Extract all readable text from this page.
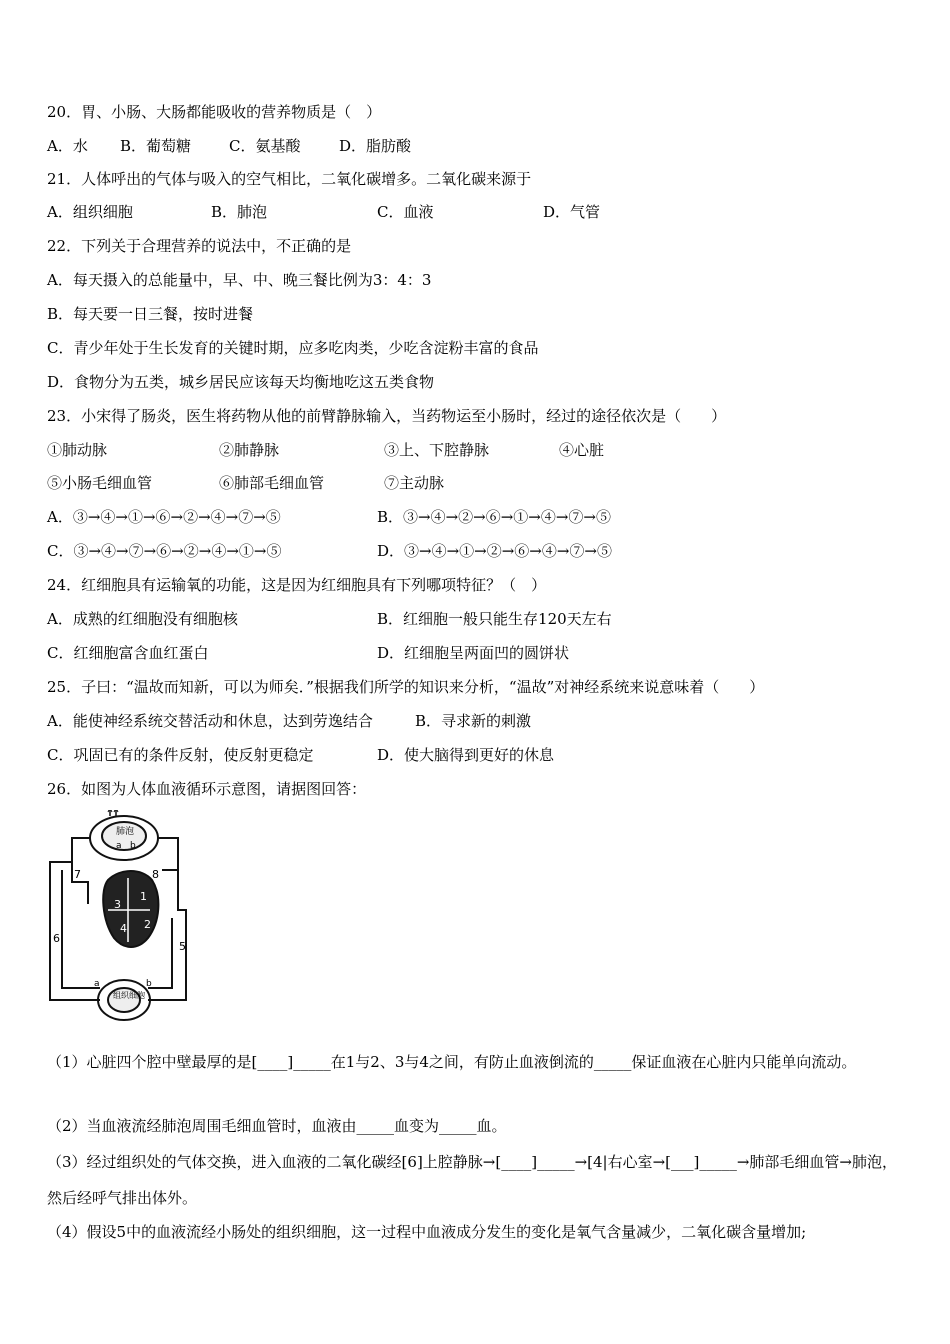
20．胃、小肠、大肠都能吸收的营养物质是（　）
A．水 B．葡萄糖	C．氨基酸	D．脂肪酸
21．人体呼出的气体与吸入的空气相比，二氧化碳增多。二氧化碳来源于
A．组织细胞	B．肺泡	C．血液	D．气管
22．下列关于合理营养的说法中，不正确的是
A．每天摄入的总能量中，早、中、晚三餐比例为3：4：3
B．每天要一日三餐，按时进餐
C．青少年处于生长发育的关键时期，应多吃肉类，少吃含淀粉丰富的食品
D．食物分为五类，城乡居民应该每天均衡地吃这五类食物
23．小宋得了肠炎，医生将药物从他的前臂静脉输入，当药物运至小肠时，经过的途径依次是（　　）
①肺动脉	②肺静脉	③上、下腔静脉	④心脏
⑤小肠毛细血管	⑥肺部毛细血管	⑦主动脉
A．③→④→①→⑥→②→④→⑦→⑤	B．③→④→②→⑥→①→④→⑦→⑤
C．③→④→⑦→⑥→②→④→①→⑤	D．③→④→①→②→⑥→④→⑦→⑤
24．红细胞具有运输氧的功能，这是因为红细胞具有下列哪项特征？（　）
A．成熟的红细胞没有细胞核	B．红细胞一般只能生存120天左右
C．红细胞富含血红蛋白	D．红细胞呈两面凹的圆饼状
25．子曰：“温故而知新，可以为师矣．”根据我们所学的知识来分析，“温故”对神经系统来说意味着（　　）
A．能使神经系统交替活动和休息，达到劳逸结合	B．寻求新的刺激
C．巩固已有的条件反射，使反射更稳定	D．使大脑得到更好的休息
26．如图为人体血液循环示意图，请据图回答：
肺泡
a b
1
2
3
4
组织细胞
a	b
5
6
7	8
（1）心脏四个腔中壁最厚的是[____]_____在1与2、3与4之间，有防止血液倒流的_____保证血液在心脏内只能单向流动。
（2）当血液流经肺泡周围毛细血管时，血液由_____血变为_____血。
（3）经过组织处的气体交换，进入血液的二氧化碳经[6]上腔静脉→[____]_____→[4|右心室→[___]_____→肺部毛细血管→肺泡，然后经呼气排出体外。
（4）假设5中的血液流经小肠处的组织细胞，这一过程中血液成分发生的变化是氧气含量减少，二氧化碳含量增加;
